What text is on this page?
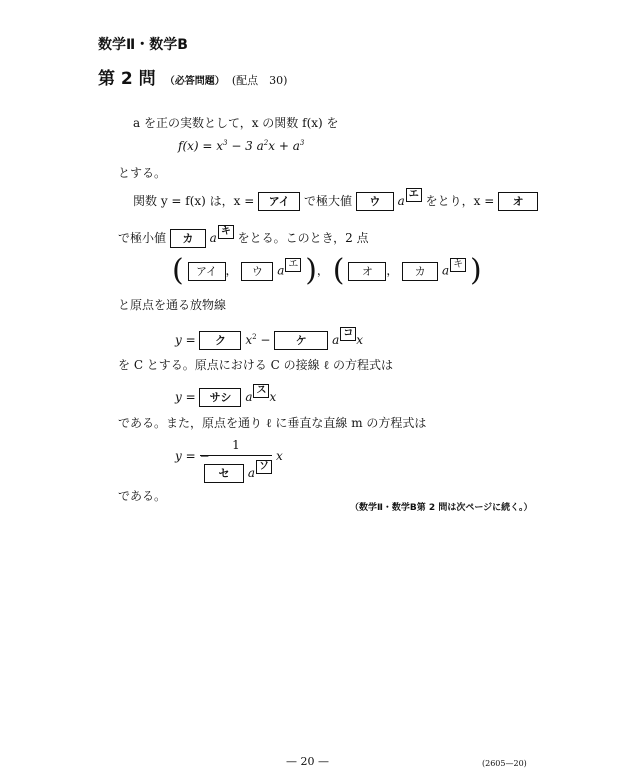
数学Ⅱ・数学B
第 2 問 （必答問題） (配点　30)
a を正の実数として，x の関数 f(x) を
$f(x) = x^3 - 3$ $a^2x + a^3$
とする。
関数 y = f(x) は，x = アイ で極大値 ウ a エ をとり，x = オ
で極小値 カ a キ をとる。このとき，2 点
( アイ ， ウ a エ )， ( オ ， カ a キ )
と原点を通る放物線
y = ク $x^2$ − ケ a コ x
を C とする。原点における C の接線 ℓ の方程式は
y = サシ a ス x
である。また，原点を通り ℓ に垂直な直線 m の方程式は
y = −
1
セ a ソ
x
である。
（数学Ⅱ・数学B第 2 問は次ページに続く。）
— 20 —	(2605—20)
